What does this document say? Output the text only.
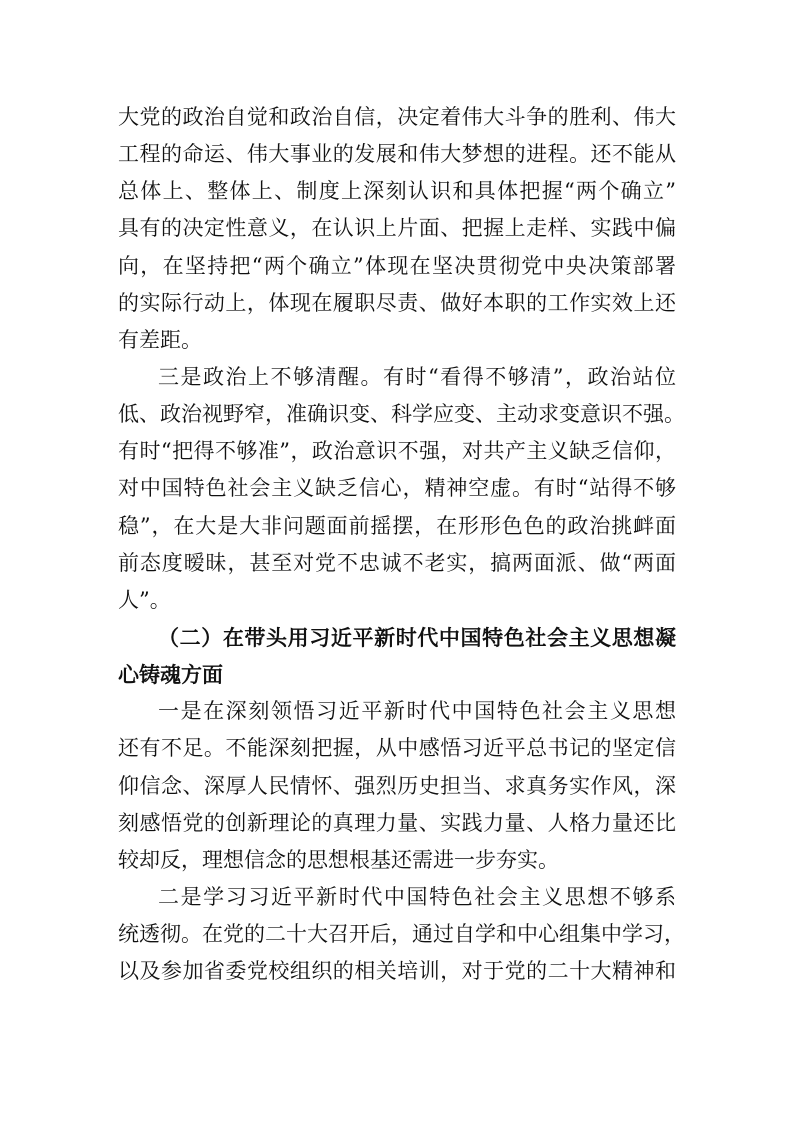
大党的政治自觉和政治自信，决定着伟大斗争的胜利、伟大
工程的命运、伟大事业的发展和伟大梦想的进程。还不能从
总体上、整体上、制度上深刻认识和具体把握“两个确立”
具有的决定性意义，在认识上片面、把握上走样、实践中偏
向，在坚持把“两个确立”体现在坚决贯彻党中央决策部署
的实际行动上，体现在履职尽责、做好本职的工作实效上还
有差距。
三是政治上不够清醒。有时“看得不够清”，政治站位
低、政治视野窄，准确识变、科学应变、主动求变意识不强。
有时“把得不够准”，政治意识不强，对共产主义缺乏信仰，
对中国特色社会主义缺乏信心，精神空虚。有时“站得不够
稳”，在大是大非问题面前摇摆，在形形色色的政治挑衅面
前态度暧昧，甚至对党不忠诚不老实，搞两面派、做“两面
人”。
（二）在带头用习近平新时代中国特色社会主义思想凝
心铸魂方面
一是在深刻领悟习近平新时代中国特色社会主义思想
还有不足。不能深刻把握，从中感悟习近平总书记的坚定信
仰信念、深厚人民情怀、强烈历史担当、求真务实作风，深
刻感悟党的创新理论的真理力量、实践力量、人格力量还比
较却反，理想信念的思想根基还需进一步夯实。
二是学习习近平新时代中国特色社会主义思想不够系
统透彻。在党的二十大召开后，通过自学和中心组集中学习，
以及参加省委党校组织的相关培训，对于党的二十大精神和
